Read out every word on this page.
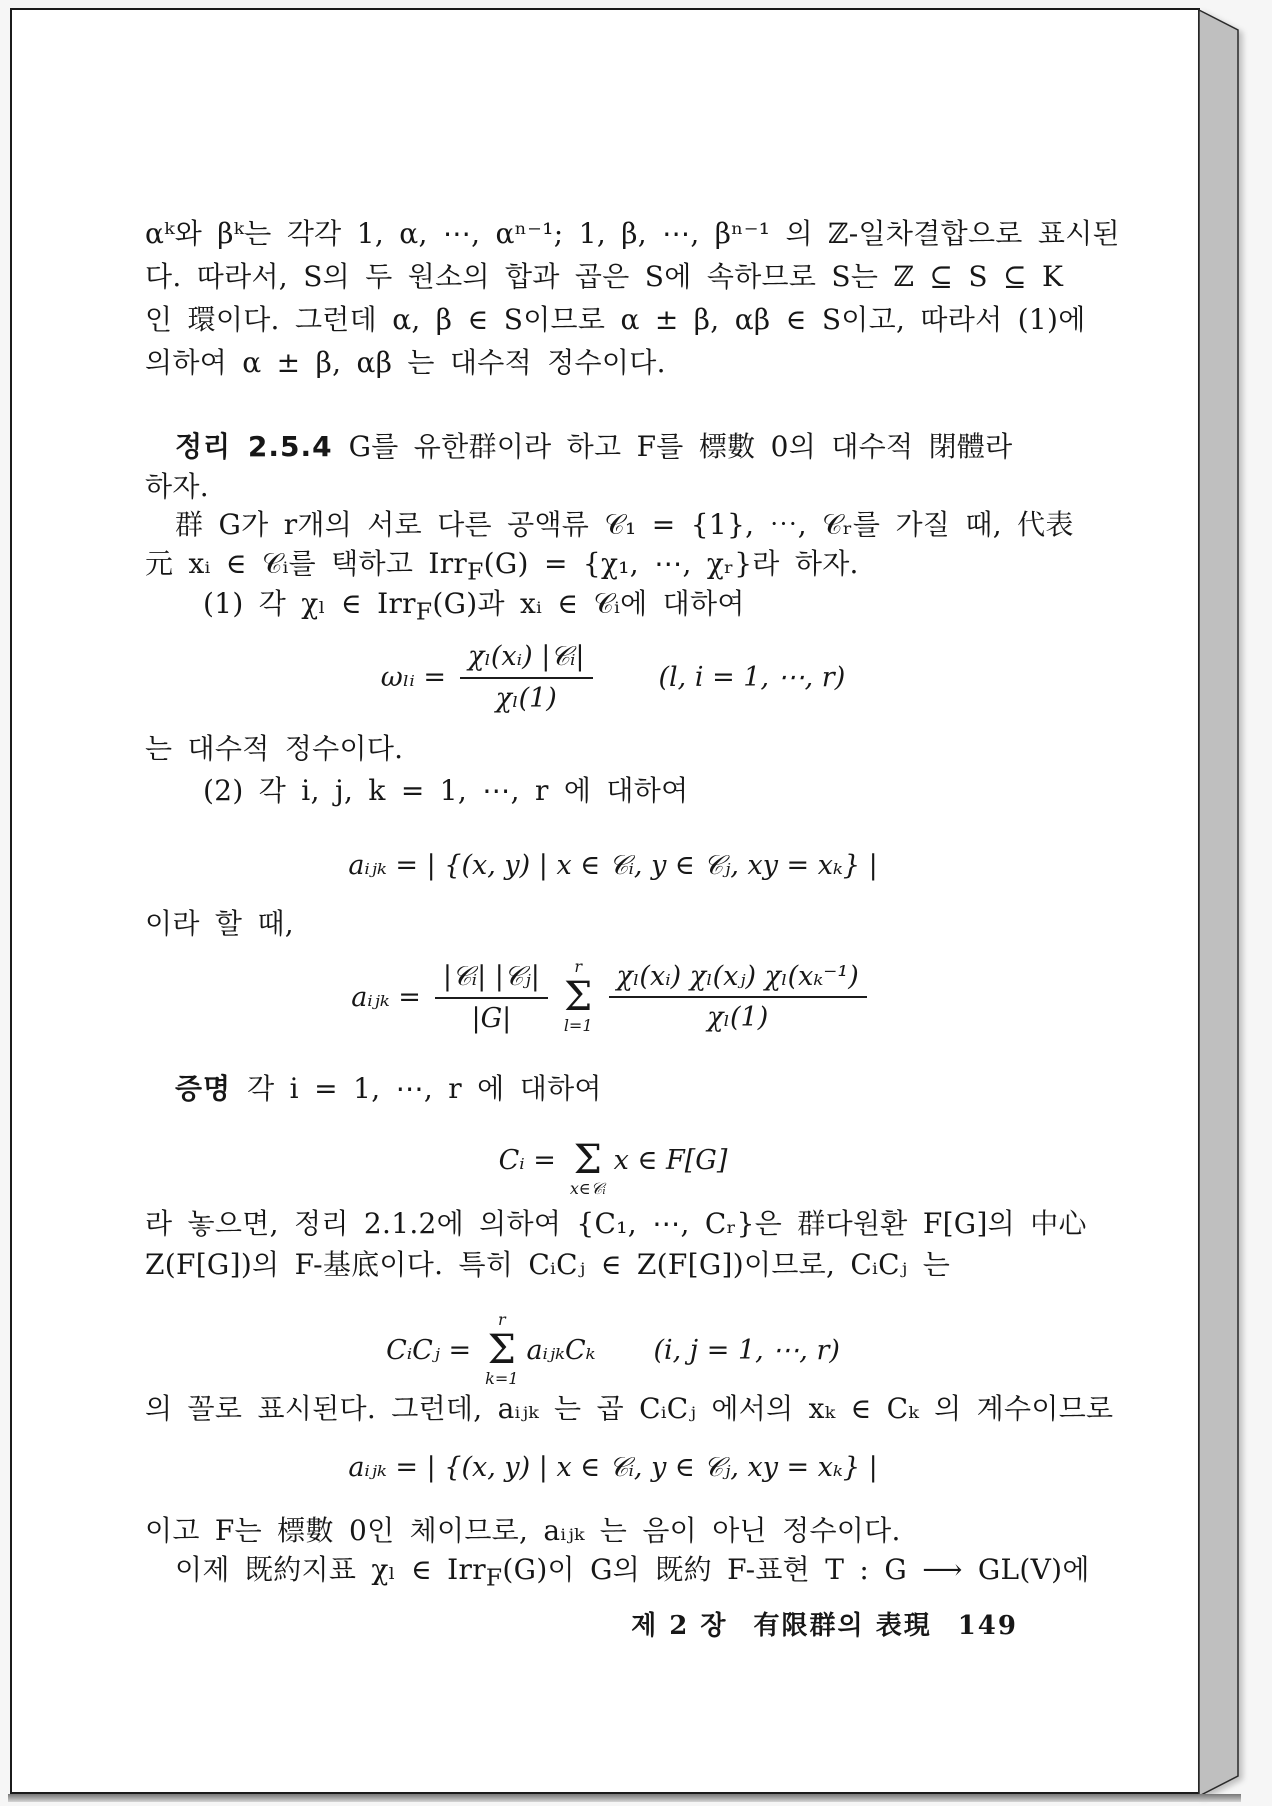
αᵏ와 βᵏ는 각각 1, α, ⋯, αⁿ⁻¹; 1, β, ⋯, βⁿ⁻¹ 의 ℤ-일차결합으로 표시된
다. 따라서, S의 두 원소의 합과 곱은 S에 속하므로 S는 ℤ ⊆ S ⊆ K
인 環이다. 그런데 α, β ∈ S이므로 α ± β, αβ ∈ S이고, 따라서 (1)에
의하여 α ± β, αβ 는 대수적 정수이다.
정리 2.5.4 G를 유한群이라 하고 F를 標數 0의 대수적 閉體라
하자.
群 G가 r개의 서로 다른 공액류 𝒞₁ = {1}, ⋯, 𝒞ᵣ를 가질 때, 代表
元 xᵢ ∈ 𝒞ᵢ를 택하고 Irr$_F$(G) = {χ₁, ⋯, χᵣ}라 하자.
(1) 각 χₗ ∈ Irr$_F$(G)과 xᵢ ∈ 𝒞ᵢ에 대하여
ωₗᵢ = $\frac{\text{χₗ(xᵢ) |𝒞ᵢ|}}{\text{χₗ(1)}} (l$, i = 1, ⋯, r)
는 대수적 정수이다.
(2) 각 i, j, k = 1, ⋯, r 에 대하여
aᵢⱼₖ = | {(x, y) | x ∈ 𝒞ᵢ, y ∈ 𝒞ⱼ, xy = xₖ} |
이라 할 때,
aᵢⱼₖ = $\frac{\text{|𝒞ᵢ| |𝒞ⱼ|}}{|G|}$ r
Σ
$l=1 \frac{\text{χₗ(xᵢ) χₗ(xⱼ) χₗ(xₖ⁻¹)}}{\text{χₗ(1)}}$
증명 각 i = 1, ⋯, r 에 대하여
Cᵢ = Σ
x∈𝒞ᵢ
x ∈ F[G]
라 놓으면, 정리 2.1.2에 의하여 {C₁, ⋯, Cᵣ}은 群다원환 F[G]의 中心
Z(F[G])의 F-基底이다. 특히 CᵢCⱼ ∈ Z(F[G])이므로, CᵢCⱼ 는
CᵢCⱼ =
r
Σ
k=1
aᵢⱼₖCₖ (i, j = 1, ⋯, r)
의 꼴로 표시된다. 그런데, aᵢⱼₖ 는 곱 CᵢCⱼ 에서의 xₖ ∈ Cₖ 의 계수이므로
aᵢⱼₖ = | {(x, y) | x ∈ 𝒞ᵢ, y ∈ 𝒞ⱼ, xy = xₖ} |
이고 F는 標數 0인 체이므로, aᵢⱼₖ 는 음이 아닌 정수이다.
이제 既約지표 χₗ ∈ Irr$_F$(G)이 G의 既約 F-표현 T : G ⟶ GL(V)에
제 2 장 有限群의 表現 149
